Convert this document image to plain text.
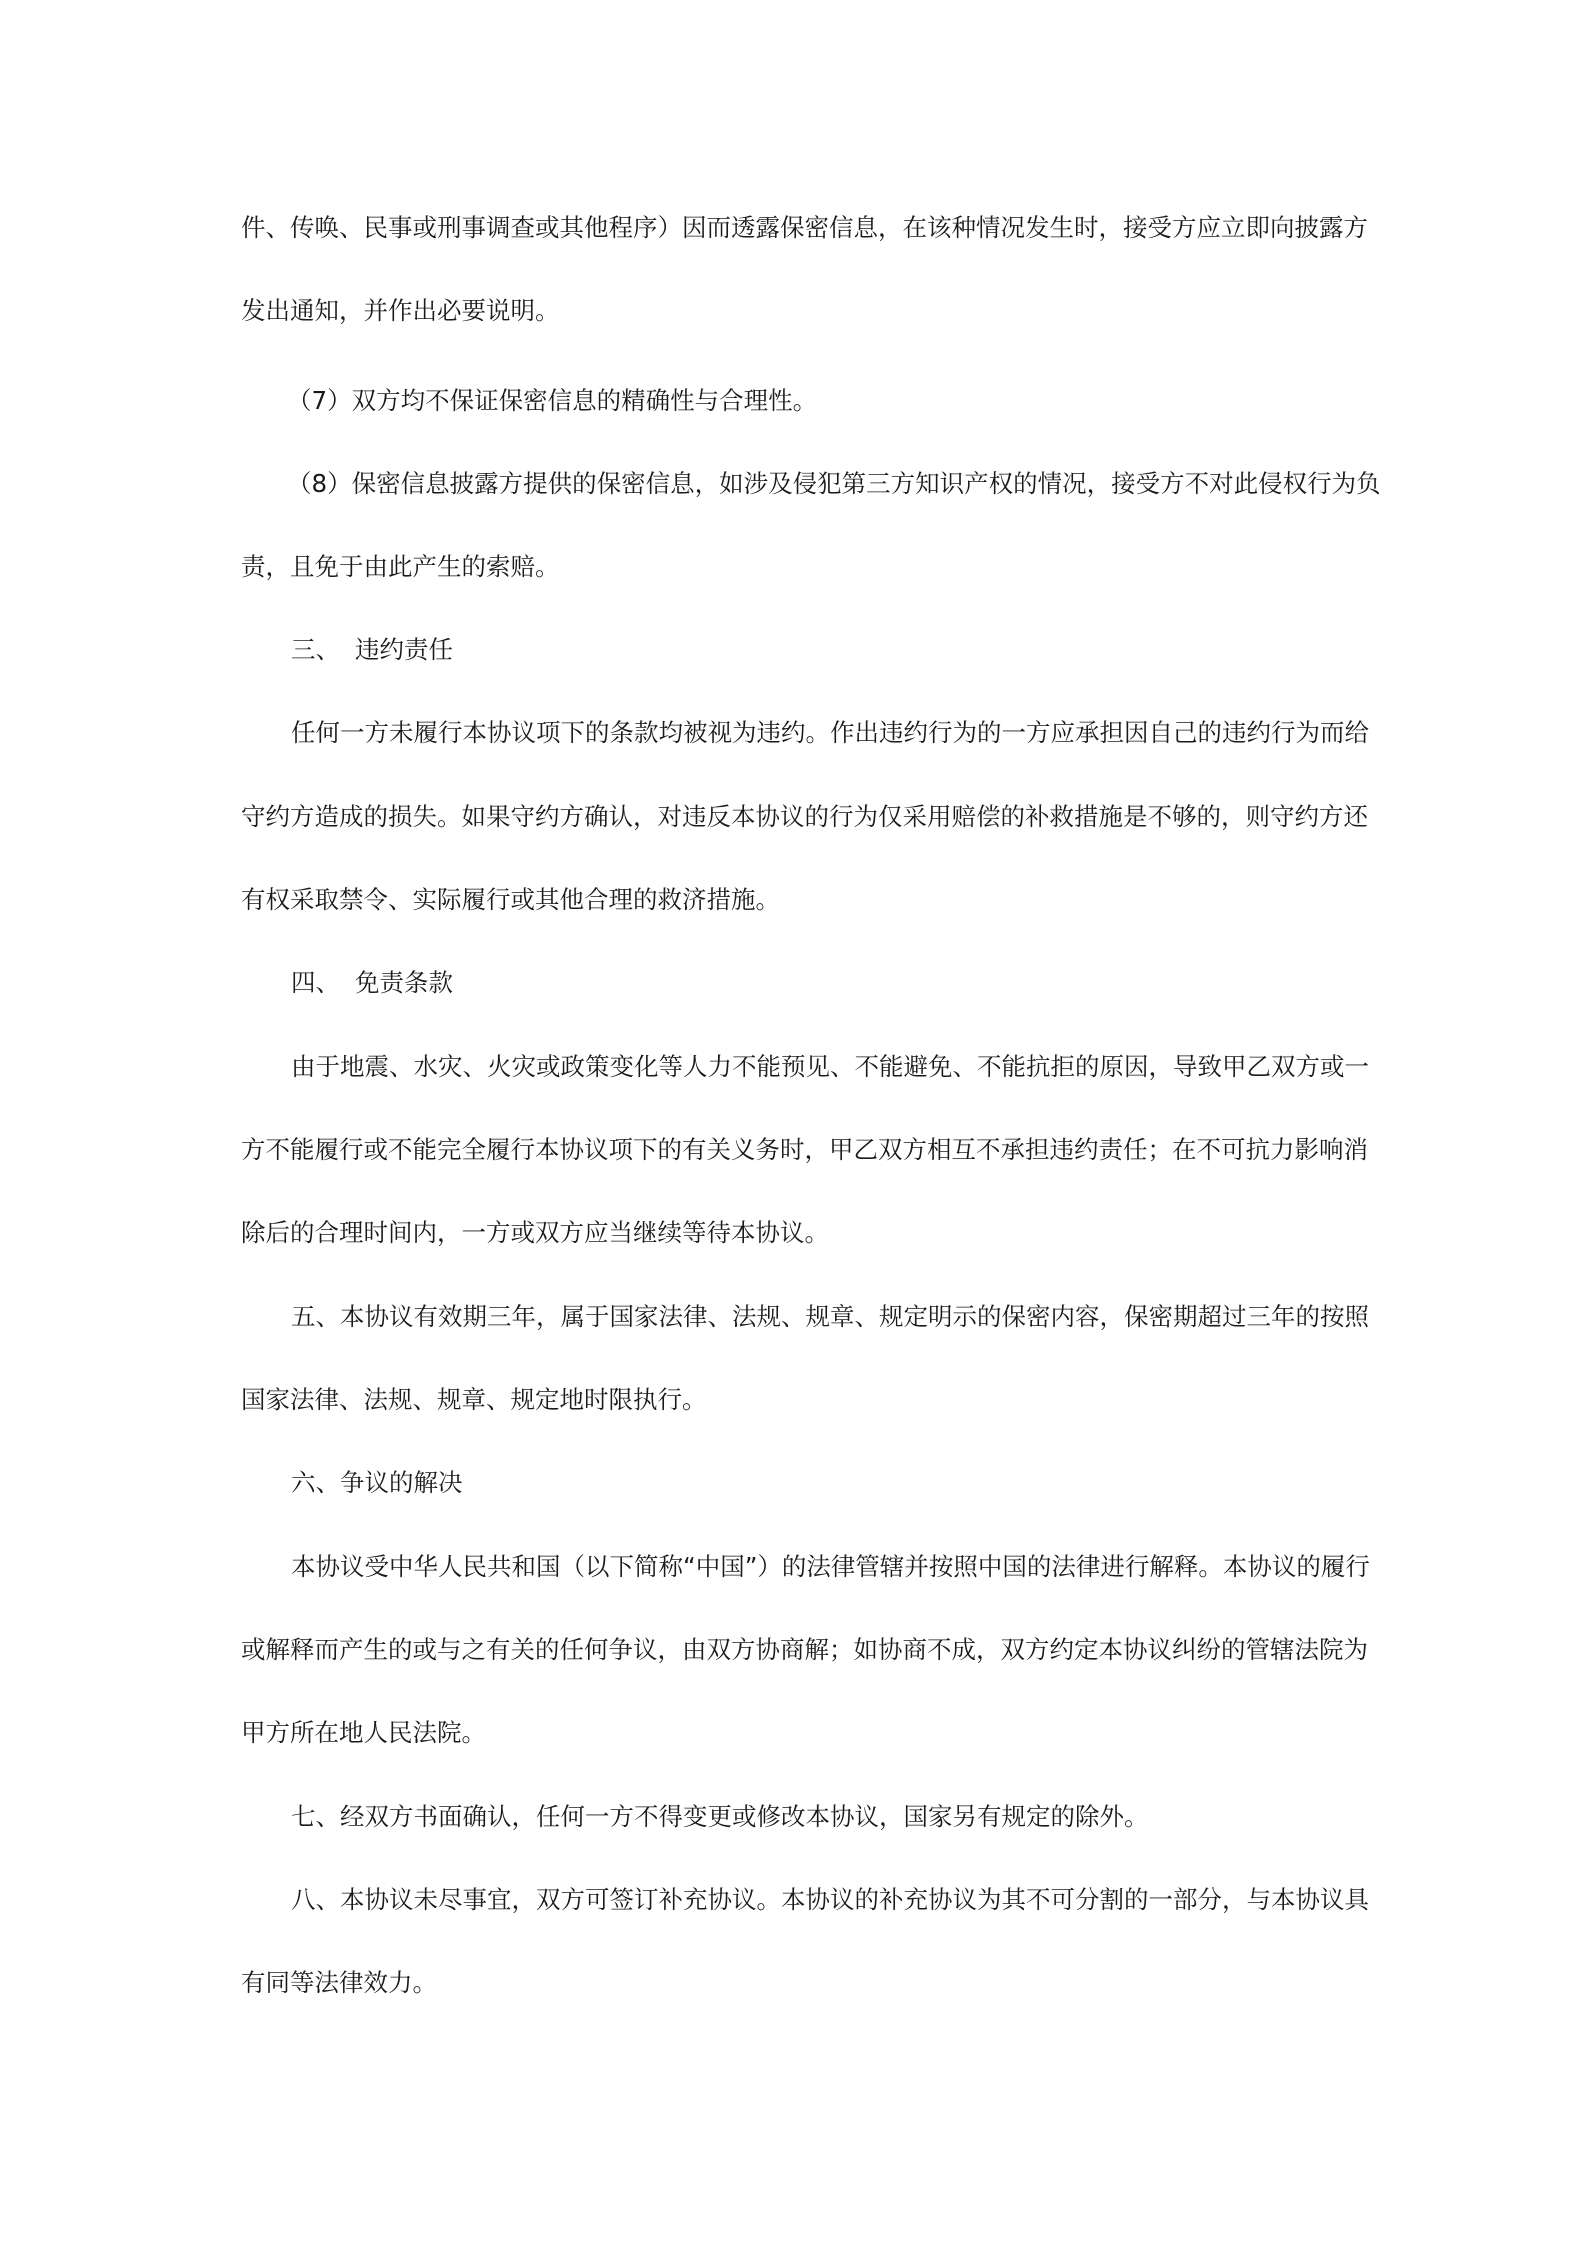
件、传唤、民事或刑事调查或其他程序）因而透露保密信息，在该种情况发生时，接受方应立即向披露方

发出通知，并作出必要说明。

（7）双方均不保证保密信息的精确性与合理性。

（8）保密信息披露方提供的保密信息，如涉及侵犯第三方知识产权的情况，接受方不对此侵权行为负

责，且免于由此产生的索赔。

三、 违约责任

任何一方未履行本协议项下的条款均被视为违约。作出违约行为的一方应承担因自己的违约行为而给

守约方造成的损失。如果守约方确认，对违反本协议的行为仅采用赔偿的补救措施是不够的，则守约方还

有权采取禁令、实际履行或其他合理的救济措施。

四、 免责条款

由于地震、水灾、火灾或政策变化等人力不能预见、不能避免、不能抗拒的原因，导致甲乙双方或一

方不能履行或不能完全履行本协议项下的有关义务时，甲乙双方相互不承担违约责任；在不可抗力影响消

除后的合理时间内，一方或双方应当继续等待本协议。

五、本协议有效期三年，属于国家法律、法规、规章、规定明示的保密内容，保密期超过三年的按照

国家法律、法规、规章、规定地时限执行。

六、争议的解决

本协议受中华人民共和国（以下简称“中国”）的法律管辖并按照中国的法律进行解释。本协议的履行

或解释而产生的或与之有关的任何争议，由双方协商解；如协商不成，双方约定本协议纠纷的管辖法院为

甲方所在地人民法院。

七、经双方书面确认，任何一方不得变更或修改本协议，国家另有规定的除外。

八、本协议未尽事宜，双方可签订补充协议。本协议的补充协议为其不可分割的一部分，与本协议具

有同等法律效力。
